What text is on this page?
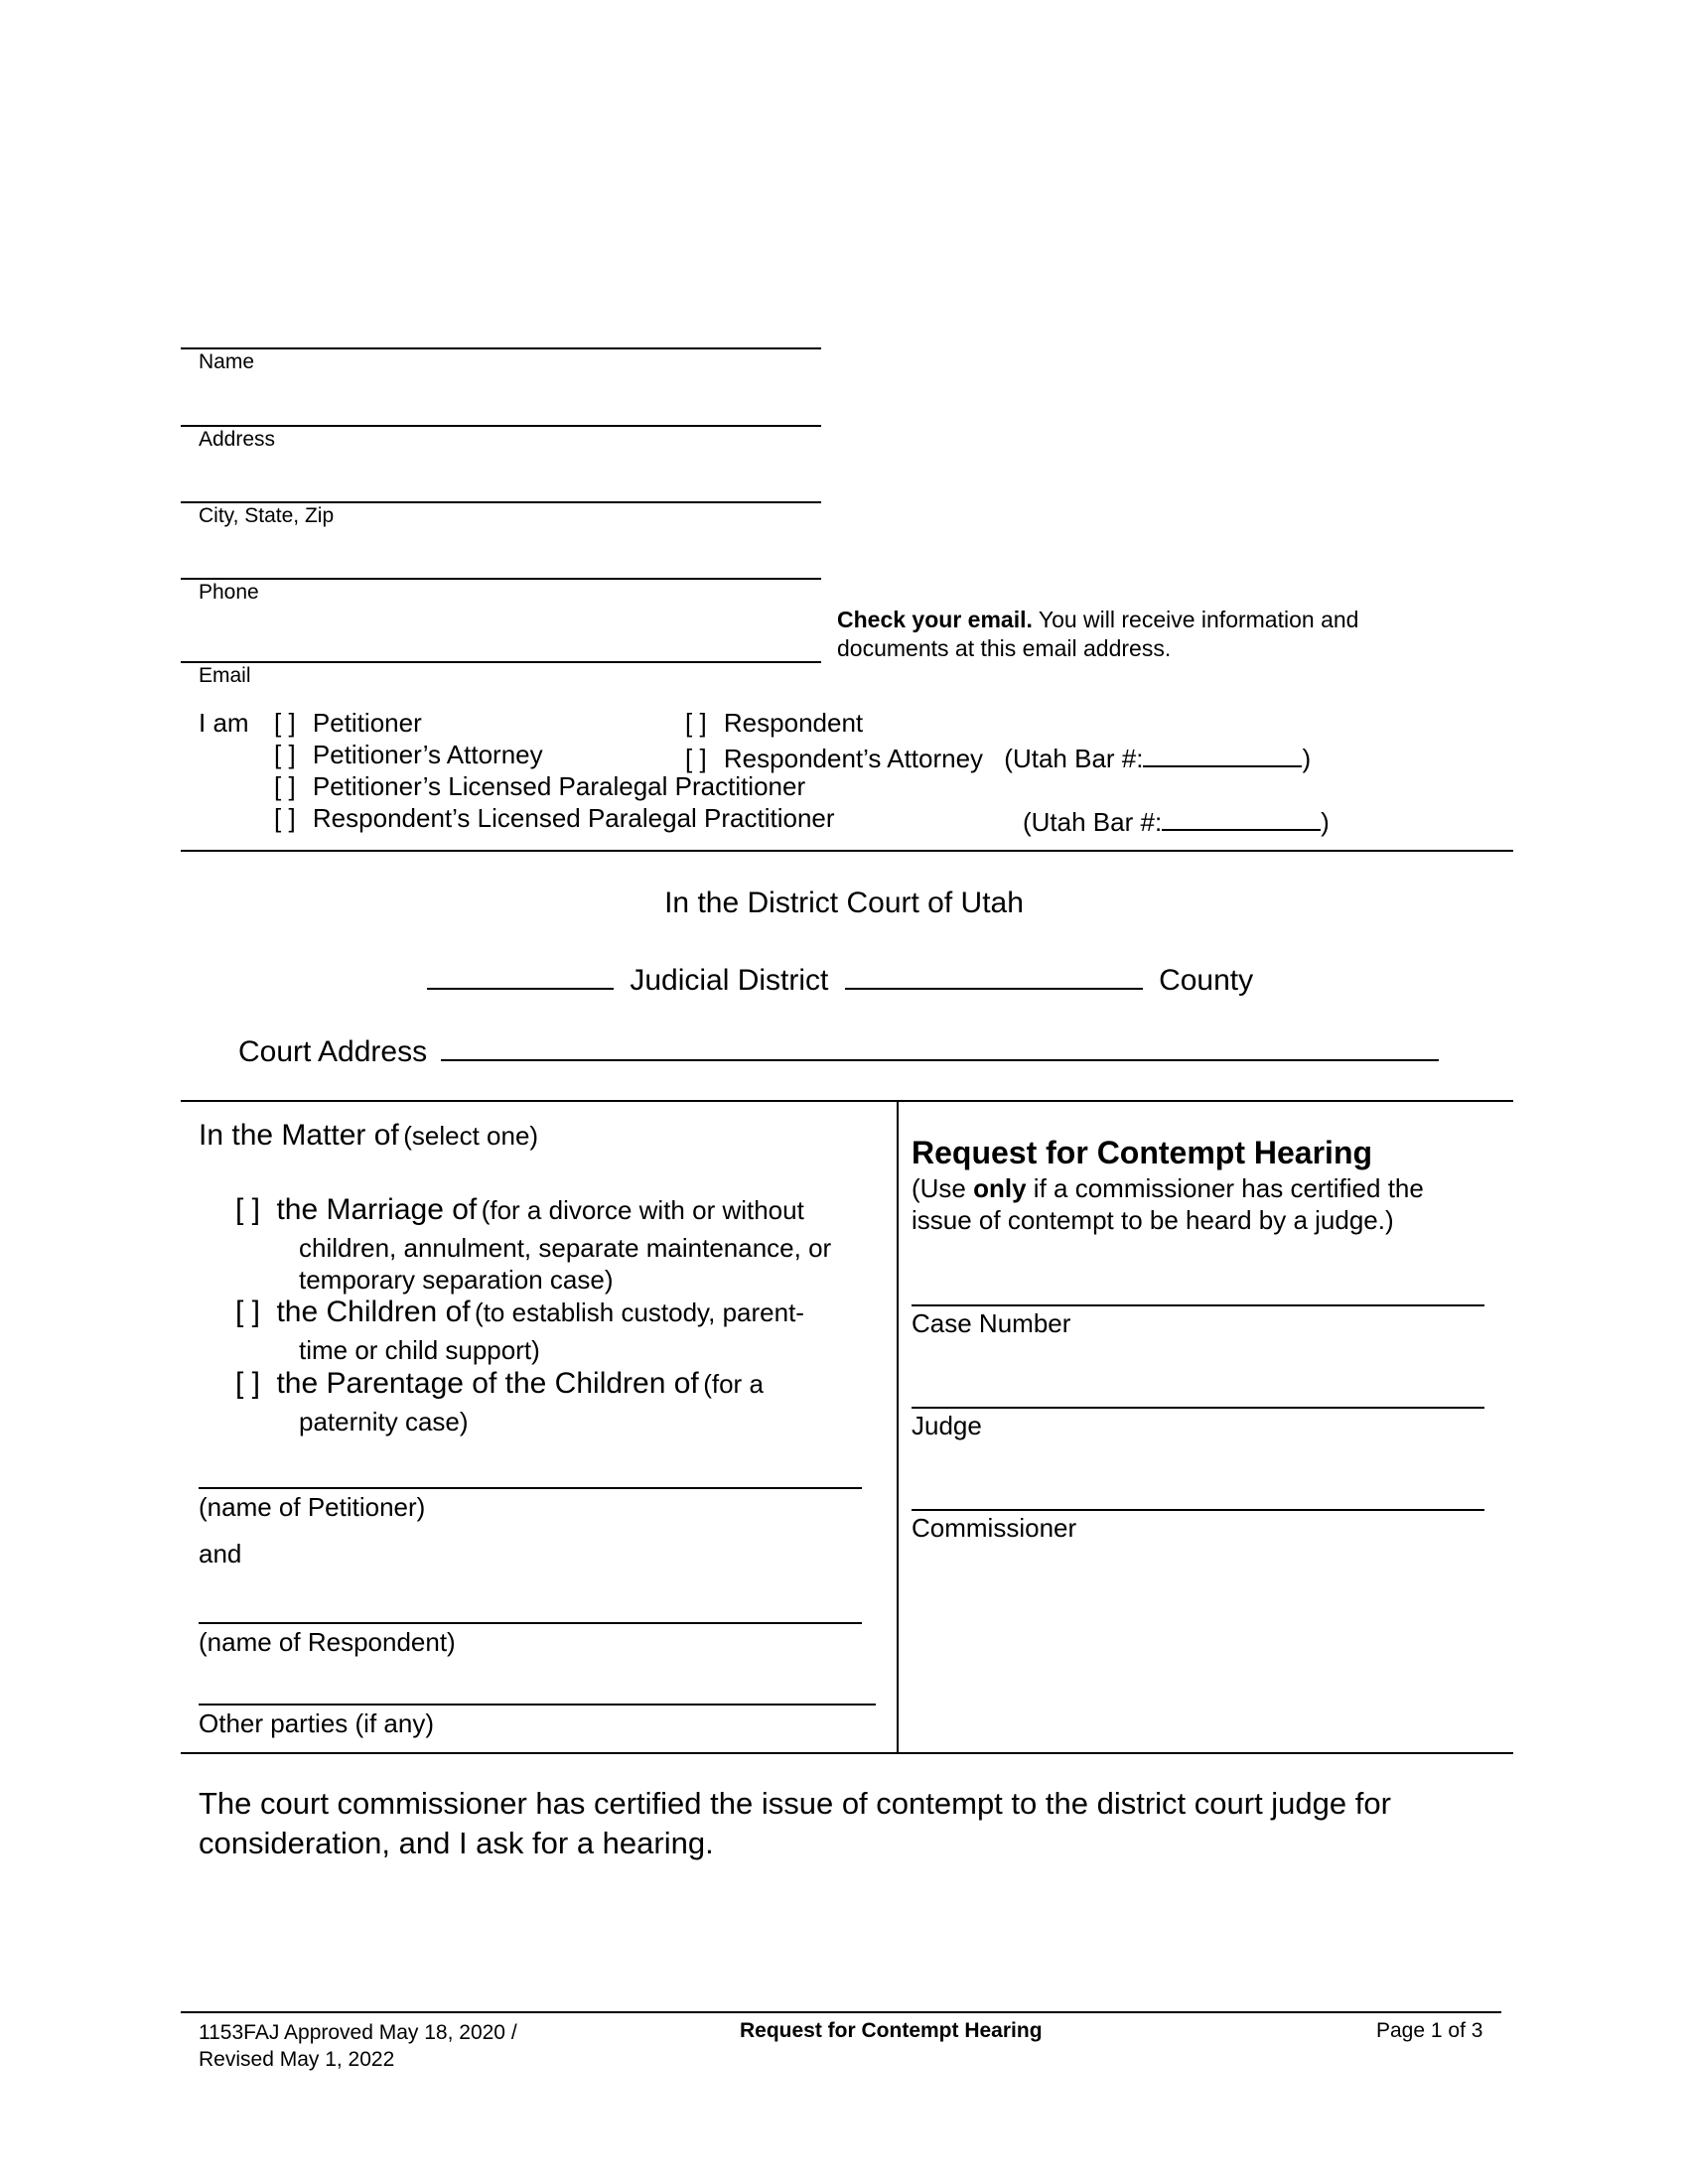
Name
Address
City, State, Zip
Phone
Email
Check your email. You will receive information and
documents at this email address.
I am [ ] Petitioner	[ ] Respondent
[ ] Petitioner’s Attorney	[ ] Respondent’s Attorney (Utah Bar #:	)
[ ] Petitioner’s Licensed Paralegal Practitioner
[ ] Respondent’s Licensed Paralegal Practitioner	(Utah Bar #:	)
In the District Court of Utah
Judicial District	County
Court Address
In the Matter of (select one)
[ ] the Marriage of (for a divorce with or without
children, annulment, separate maintenance, or
temporary separation case)
[ ] the Children of (to establish custody, parent-
time or child support)
[ ] the Parentage of the Children of (for a
paternity case)
(name of Petitioner)
and
(name of Respondent)
Other parties (if any)
Request for Contempt Hearing
(Use only if a commissioner has certified the
issue of contempt to be heard by a judge.)
Case Number
Judge
Commissioner
The court commissioner has certified the issue of contempt to the district court judge for
consideration, and I ask for a hearing.
1153FAJ Approved May 18, 2020 /
Revised May 1, 2022
Request for Contempt Hearing	Page 1 of 3
